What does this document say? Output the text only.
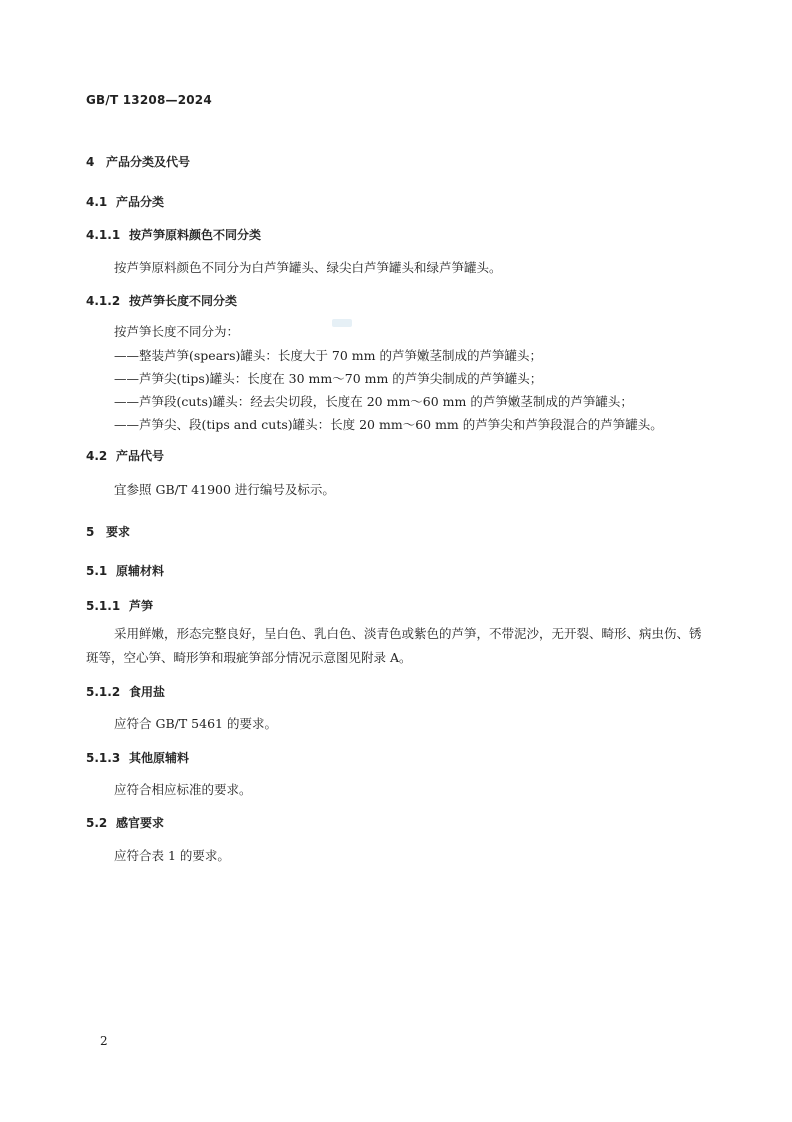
GB/T 13208—2024
4 产品分类及代号
4.1 产品分类
4.1.1 按芦笋原料颜色不同分类
按芦笋原料颜色不同分为白芦笋罐头、绿尖白芦笋罐头和绿芦笋罐头。
4.1.2 按芦笋长度不同分类
按芦笋长度不同分为：
——整装芦笋(spears)罐头：长度大于 70 mm 的芦笋嫩茎制成的芦笋罐头；
——芦笋尖(tips)罐头：长度在 30 mm～70 mm 的芦笋尖制成的芦笋罐头；
——芦笋段(cuts)罐头：经去尖切段，长度在 20 mm～60 mm 的芦笋嫩茎制成的芦笋罐头；
——芦笋尖、段(tips and cuts)罐头：长度 20 mm～60 mm 的芦笋尖和芦笋段混合的芦笋罐头。
4.2 产品代号
宜参照 GB/T 41900 进行编号及标示。
5 要求
5.1 原辅材料
5.1.1 芦笋
采用鲜嫩，形态完整良好，呈白色、乳白色、淡青色或紫色的芦笋，不带泥沙，无开裂、畸形、病虫伤、锈斑等，空心笋、畸形笋和瑕疵笋部分情况示意图见附录 A。
5.1.2 食用盐
应符合 GB/T 5461 的要求。
5.1.3 其他原辅料
应符合相应标准的要求。
5.2 感官要求
应符合表 1 的要求。
2
